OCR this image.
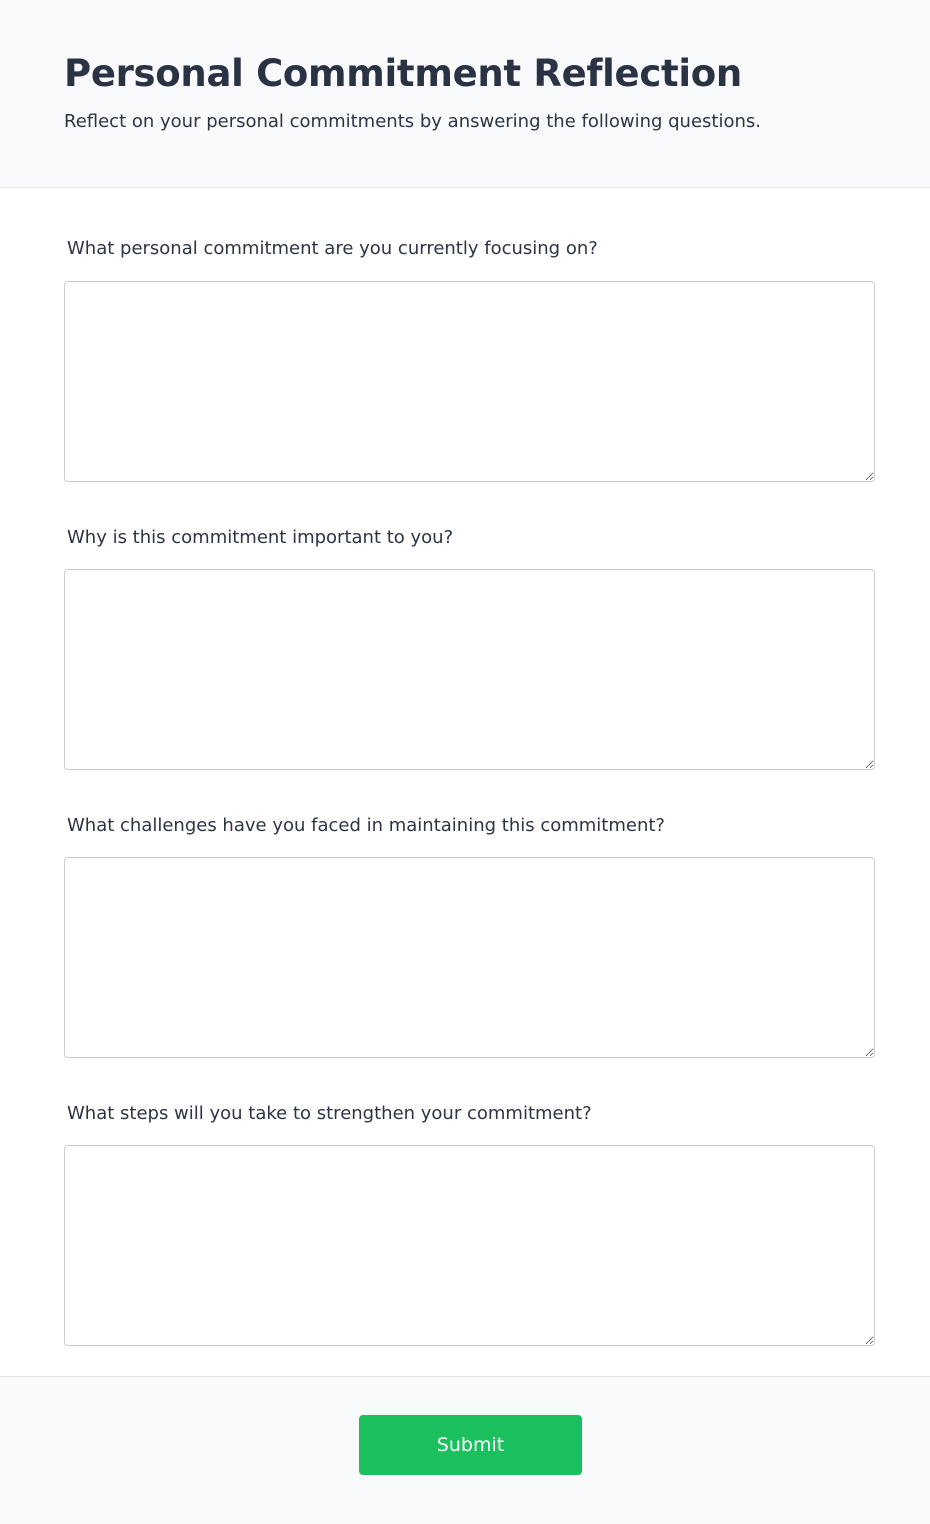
Personal Commitment Reflection

Reflect on your personal commitments by answering the following questions.

What personal commitment are you currently focusing on?
Why is this commitment important to you?
What challenges have you faced in maintaining this commitment?
What steps will you take to strengthen your commitment?
Submit
